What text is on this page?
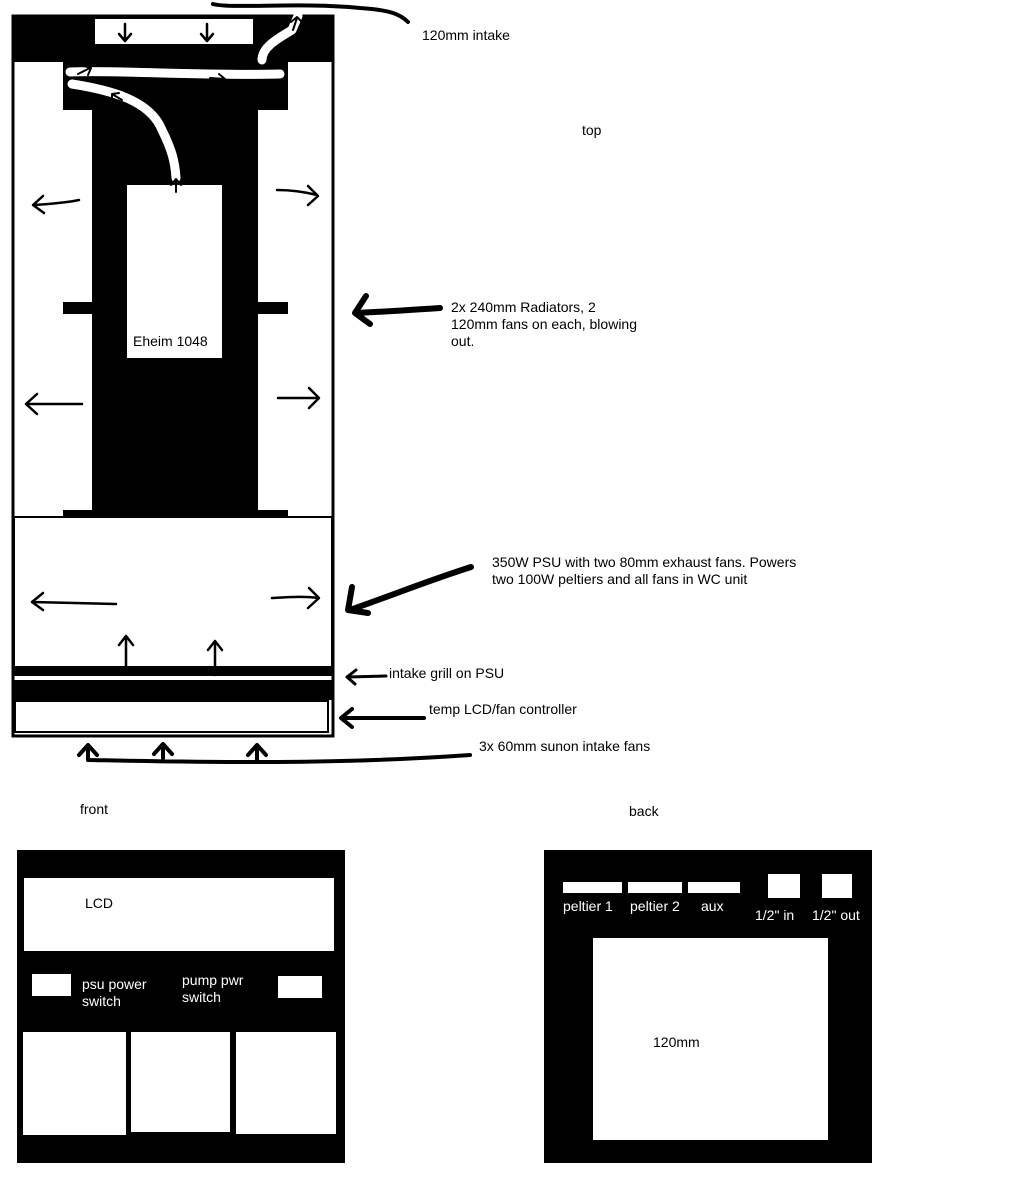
Eheim 1048
top
120mm intake
2x 240mm Radiators, 2
120mm fans on each, blowing
out.
350W PSU with two 80mm exhaust fans. Powers
two 100W peltiers and all fans in WC unit
intake grill on PSU
temp LCD/fan controller
3x 60mm sunon intake fans
front
LCD
psu power
switch
pump pwr
switch
60mm fans
back
peltier 1 peltier 2 aux
1/2" in 1/2" out
120mm
